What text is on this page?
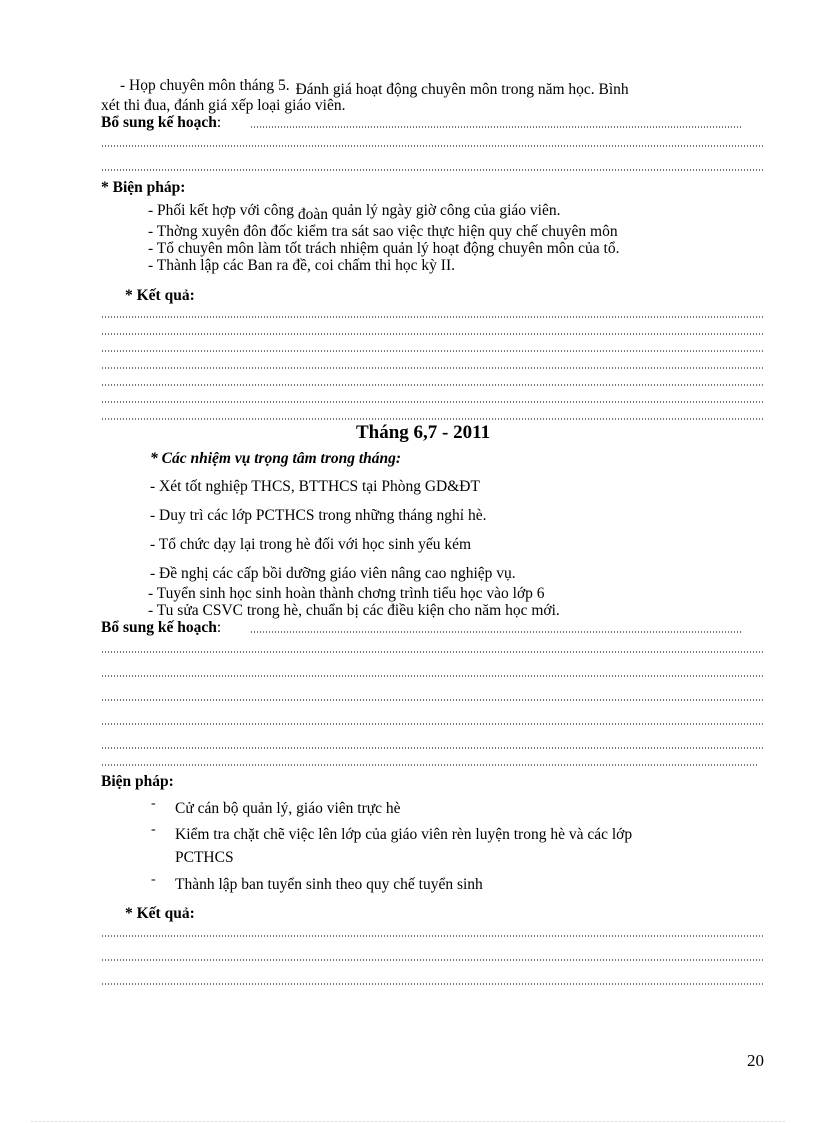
- Họp chuyên môn tháng 5. Đánh giá hoạt động chuyên môn trong năm học. Bình
xét thi đua, đánh giá xếp loại giáo viên.
Bổ sung kế hoạch:
* Biện pháp:
- Phối kết hợp với công đoàn quản lý ngày giờ công của giáo viên.
- Thờng xuyên đôn đốc kiểm tra sát sao việc thực hiện quy chế chuyên môn
- Tổ chuyên môn làm tốt trách nhiệm quản lý hoạt động chuyên môn của tổ.
- Thành lập các Ban ra đề, coi chấm thi học kỳ II.
* Kết quả:
Tháng 6,7 - 2011
* Các nhiệm vụ trọng tâm trong tháng:
- Xét tốt nghiệp THCS, BTTHCS tại Phòng GD&ĐT
- Duy trì các lớp PCTHCS trong những tháng nghỉ hè.
- Tổ chức dạy lại trong hè đối với học sinh yếu kém
- Đề nghị các cấp bồi dưỡng giáo viên nâng cao nghiệp vụ.
- Tuyển sinh học sinh hoàn thành chơng trình tiểu học vào lớp 6
- Tu sửa CSVC trong hè, chuẩn bị các điều kiện cho năm học mới.
Bổ sung kế hoạch:
Biện pháp:
- Cử cán bộ quản lý, giáo viên trực hè
- Kiểm tra chặt chẽ việc lên lớp của giáo viên rèn luyện trong hè và các lớp
PCTHCS
- Thành lập ban tuyển sinh theo quy chế tuyển sinh
* Kết quả:
20
